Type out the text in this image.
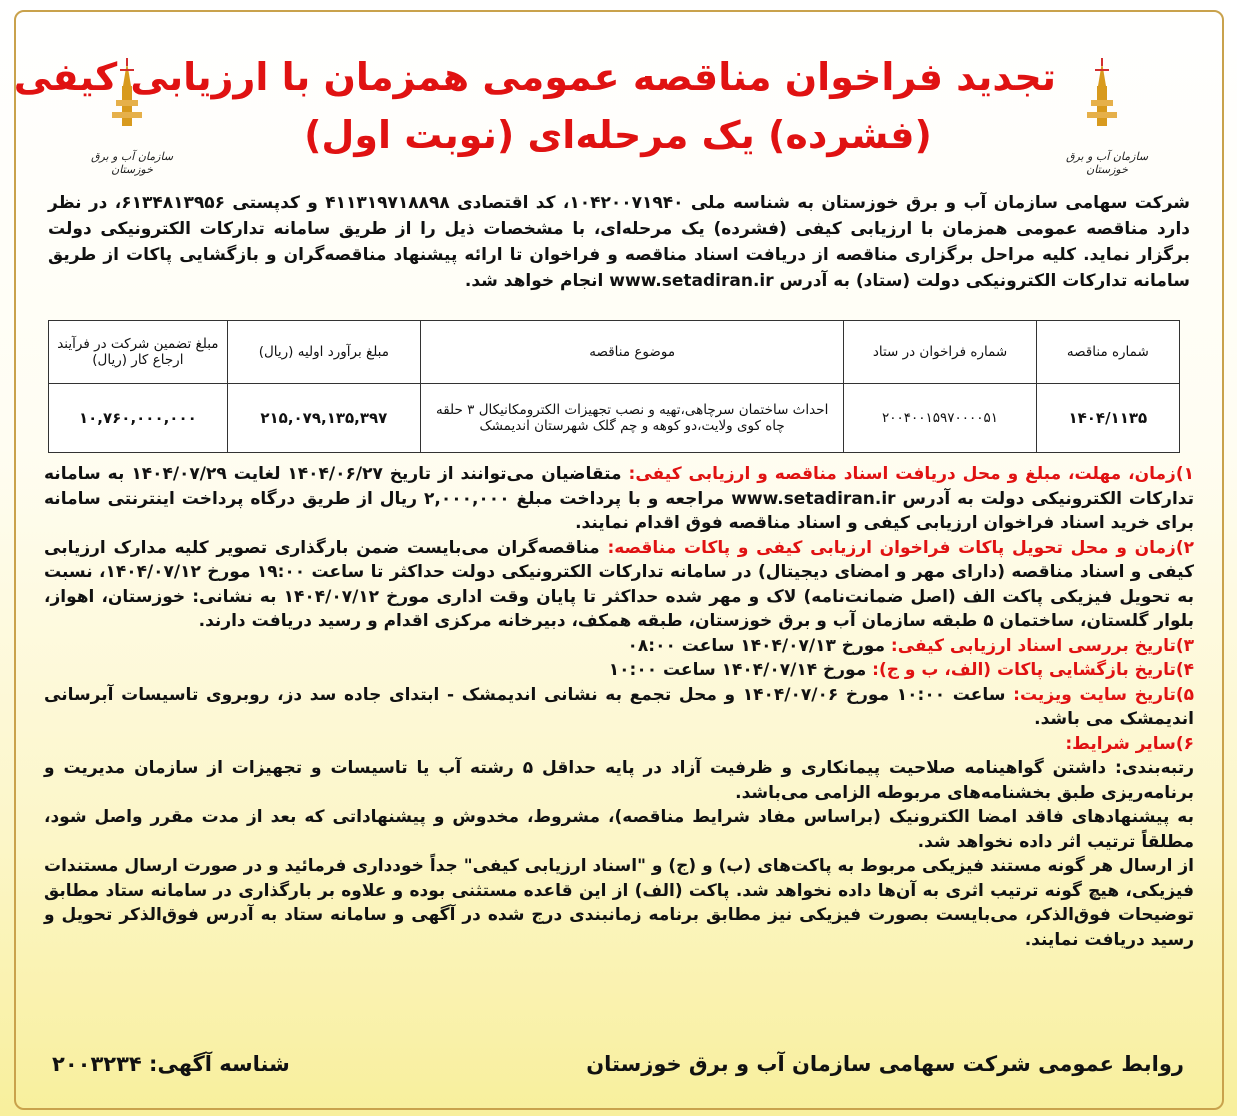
سازمان آب و برق خوزستان
سازمان آب و برق خوزستان
تجدید فراخوان مناقصه عمومی همزمان با ارزیابی کیفی
(فشرده) یک مرحله‌ای (نوبت اول)
شرکت سهامی سازمان آب و برق خوزستان به شناسه ملی ۱۰۴۲۰۰۷۱۹۴۰، کد اقتصادی ۴۱۱۳۱۹۷۱۸۸۹۸ و کدپستی ۶۱۳۴۸۱۳۹۵۶، در نظر دارد مناقصه عمومی همزمان با ارزیابی کیفی (فشرده) یک مرحله‌ای، با مشخصات ذیل را از طریق سامانه تدارکات الکترونیکی دولت برگزار نماید. کلیه مراحل برگزاری مناقصه از دریافت اسناد مناقصه و فراخوان تا ارائه پیشنهاد مناقصه‌گران و بازگشایی پاکات از طریق سامانه تدارکات الکترونیکی دولت (ستاد) به آدرس www.setadiran.ir انجام خواهد شد.
شماره مناقصه	شماره فراخوان در ستاد	موضوع مناقصه	مبلغ برآورد اولیه (ریال)	مبلغ تضمین شرکت در فرآیند ارجاع کار (ریال)
۱۴۰۴/۱۱۳۵	۲۰۰۴۰۰۱۵۹۷۰۰۰۰۵۱	احداث ساختمان سرچاهی،تهیه و نصب تجهیزات الکترومکانیکال ۳ حلقه چاه کوی ولایت،دو کوهه و چم گلک شهرستان اندیمشک	۲۱۵,۰۷۹,۱۳۵,۳۹۷	۱۰,۷۶۰,۰۰۰,۰۰۰

۱)زمان، مهلت، مبلغ و محل دریافت اسناد مناقصه و ارزیابی کیفی: متقاضیان می‌توانند از تاریخ ۱۴۰۴/۰۶/۲۷ لغایت ۱۴۰۴/۰۷/۲۹ به سامانه تدارکات الکترونیکی دولت به آدرس www.setadiran.ir مراجعه و با پرداخت مبلغ ۲,۰۰۰,۰۰۰ ریال از طریق درگاه پرداخت اینترنتی سامانه برای خرید اسناد فراخوان ارزیابی کیفی و اسناد مناقصه فوق اقدام نمایند.

۲)زمان و محل تحویل پاکات فراخوان ارزیابی کیفی و پاکات مناقصه: مناقصه‌گران می‌بایست ضمن بارگذاری تصویر کلیه مدارک ارزیابی کیفی و اسناد مناقصه (دارای مهر و امضای دیجیتال) در سامانه تدارکات الکترونیکی دولت حداکثر تا ساعت ۱۹:۰۰ مورخ ۱۴۰۴/۰۷/۱۲، نسبت به تحویل فیزیکی پاکت الف (اصل ضمانت‌نامه) لاک و مهر شده حداکثر تا پایان وقت اداری مورخ ۱۴۰۴/۰۷/۱۲ به نشانی: خوزستان، اهواز، بلوار گلستان، ساختمان ۵ طبقه سازمان آب و برق خوزستان، طبقه همکف، دبیرخانه مرکزی اقدام و رسید دریافت دارند.

۳)تاریخ بررسی اسناد ارزیابی کیفی: مورخ ۱۴۰۴/۰۷/۱۳ ساعت ۰۸:۰۰

۴)تاریخ بازگشایی پاکات (الف، ب و ج): مورخ ۱۴۰۴/۰۷/۱۴ ساعت ۱۰:۰۰

۵)تاریخ سایت ویزیت: ساعت ۱۰:۰۰ مورخ ۱۴۰۴/۰۷/۰۶ و محل تجمع به نشانی اندیمشک - ابتدای جاده سد دز، روبروی تاسیسات آبرسانی اندیمشک می باشد.

۶)سایر شرایط:

رتبه‌بندی: داشتن گواهینامه صلاحیت پیمانکاری و ظرفیت آزاد در پایه حداقل ۵ رشته آب یا تاسیسات و تجهیزات از سازمان مدیریت و برنامه‌ریزی طبق بخشنامه‌های مربوطه الزامی می‌باشد.

به پیشنهادهای فاقد امضا الکترونیک (براساس مفاد شرایط مناقصه)، مشروط، مخدوش و پیشنهاداتی که بعد از مدت مقرر واصل شود، مطلقاً ترتیب اثر داده نخواهد شد.

از ارسال هر گونه مستند فیزیکی مربوط به پاکت‌های (ب) و (ج) و "اسناد ارزیابی کیفی" جداً خودداری فرمائید و در صورت ارسال مستندات فیزیکی، هیچ گونه ترتیب اثری به آن‌ها داده نخواهد شد. پاکت (الف) از این قاعده مستثنی بوده و علاوه بر بارگذاری در سامانه ستاد مطابق توضیحات فوق‌الذکر، می‌بایست بصورت فیزیکی نیز مطابق برنامه زمانبندی درج شده در آگهی و سامانه ستاد به آدرس فوق‌الذکر تحویل و رسید دریافت نمایند.

روابط عمومی شرکت سهامی سازمان آب و برق خوزستان
شناسه آگهی: ۲۰۰۳۲۳۴
